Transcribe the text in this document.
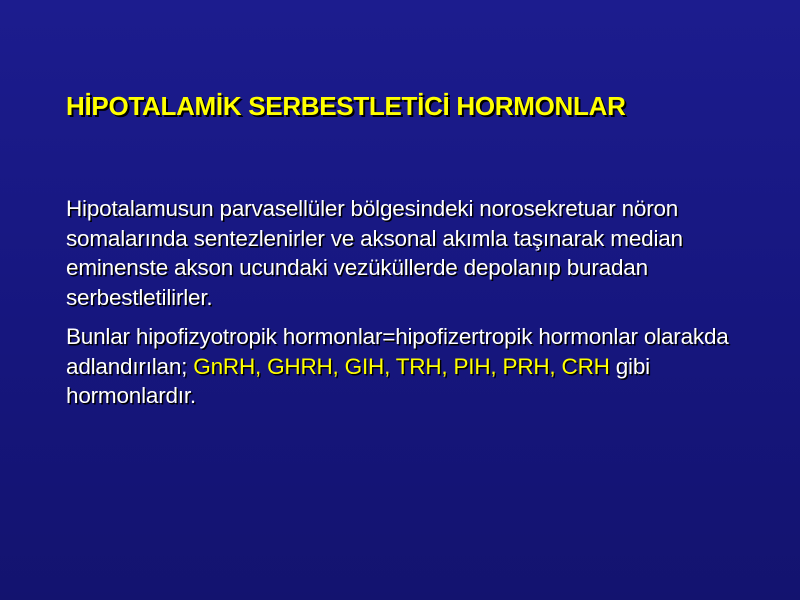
HİPOTALAMİK SERBESTLETİCİ HORMONLAR

Hipotalamusun parvasellüler bölgesindeki norosekretuar nöron somalarında sentezlenirler ve aksonal akımla taşınarak median eminenste akson ucundaki vezüküllerde depolanıp buradan serbestletilirler.

Bunlar hipofizyotropik hormonlar=hipofizertropik hormonlar olarakda adlandırılan; GnRH, GHRH, GIH, TRH, PIH, PRH, CRH gibi hormonlardır.
